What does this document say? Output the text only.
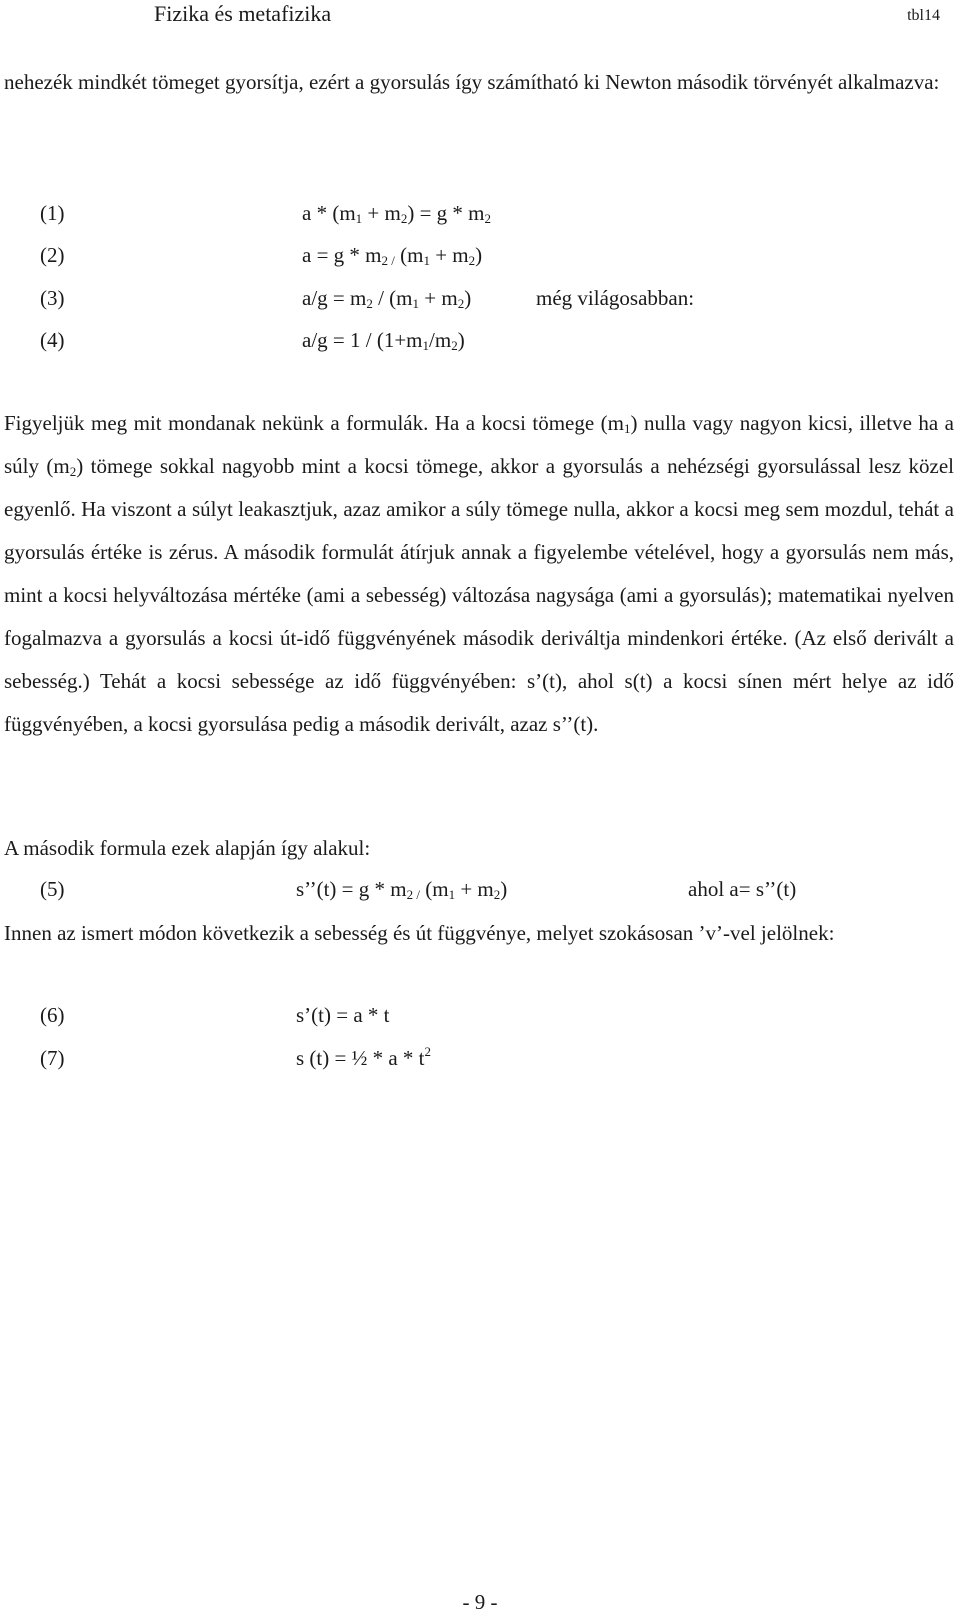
Fizika és metafizika	tbl14
nehezék mindkét tömeget gyorsítja, ezért a gyorsulás így számítható ki Newton második törvényét alkalmazva:
(1)	$a * (m_1 + m_2) = g * m_2$
(2)	$a = g * m_{2 /}$ $(m_1 + m_2)$
(3)	$a/g = m_2 / (m_1 + m_2)$	még világosabban:
(4)	$a/g = 1 / (1+m_1/m_2)$
Figyeljük meg mit mondanak nekünk a formulák. Ha a kocsi tömege $(m_1)$ nulla vagy nagyon kicsi, illetve ha a súly $(m_2)$ tömege sokkal nagyobb mint a kocsi tömege, akkor a gyorsulás a nehézségi gyorsulással lesz közel egyenlő. Ha viszont a súlyt leakasztjuk, azaz amikor a súly tömege nulla, akkor a kocsi meg sem mozdul, tehát a gyorsulás értéke is zérus. A második formulát átírjuk annak a figyelembe vételével, hogy a gyorsulás nem más, mint a kocsi helyváltozása mértéke (ami a sebesség) változása nagysága (ami a gyorsulás); matematikai nyelven fogalmazva a gyorsulás a kocsi út-idő függvényének második deriváltja mindenkori értéke. (Az első derivált a sebesség.) Tehát a kocsi sebessége az idő függvényében: s’(t), ahol s(t) a kocsi sínen mért helye az idő függvényében, a kocsi gyorsulása pedig a második derivált, azaz s’’(t).
A második formula ezek alapján így alakul:
(5)	s’’(t) = g * $m_{2 /}$ $(m_1 + m_2)$	ahol a= s’’(t)
Innen az ismert módon következik a sebesség és út függvénye, melyet szokásosan ’v’-vel jelölnek:
(6)	s’(t) = a * t
(7)	s (t) = ½ * a * $t^2$
- 9 -
